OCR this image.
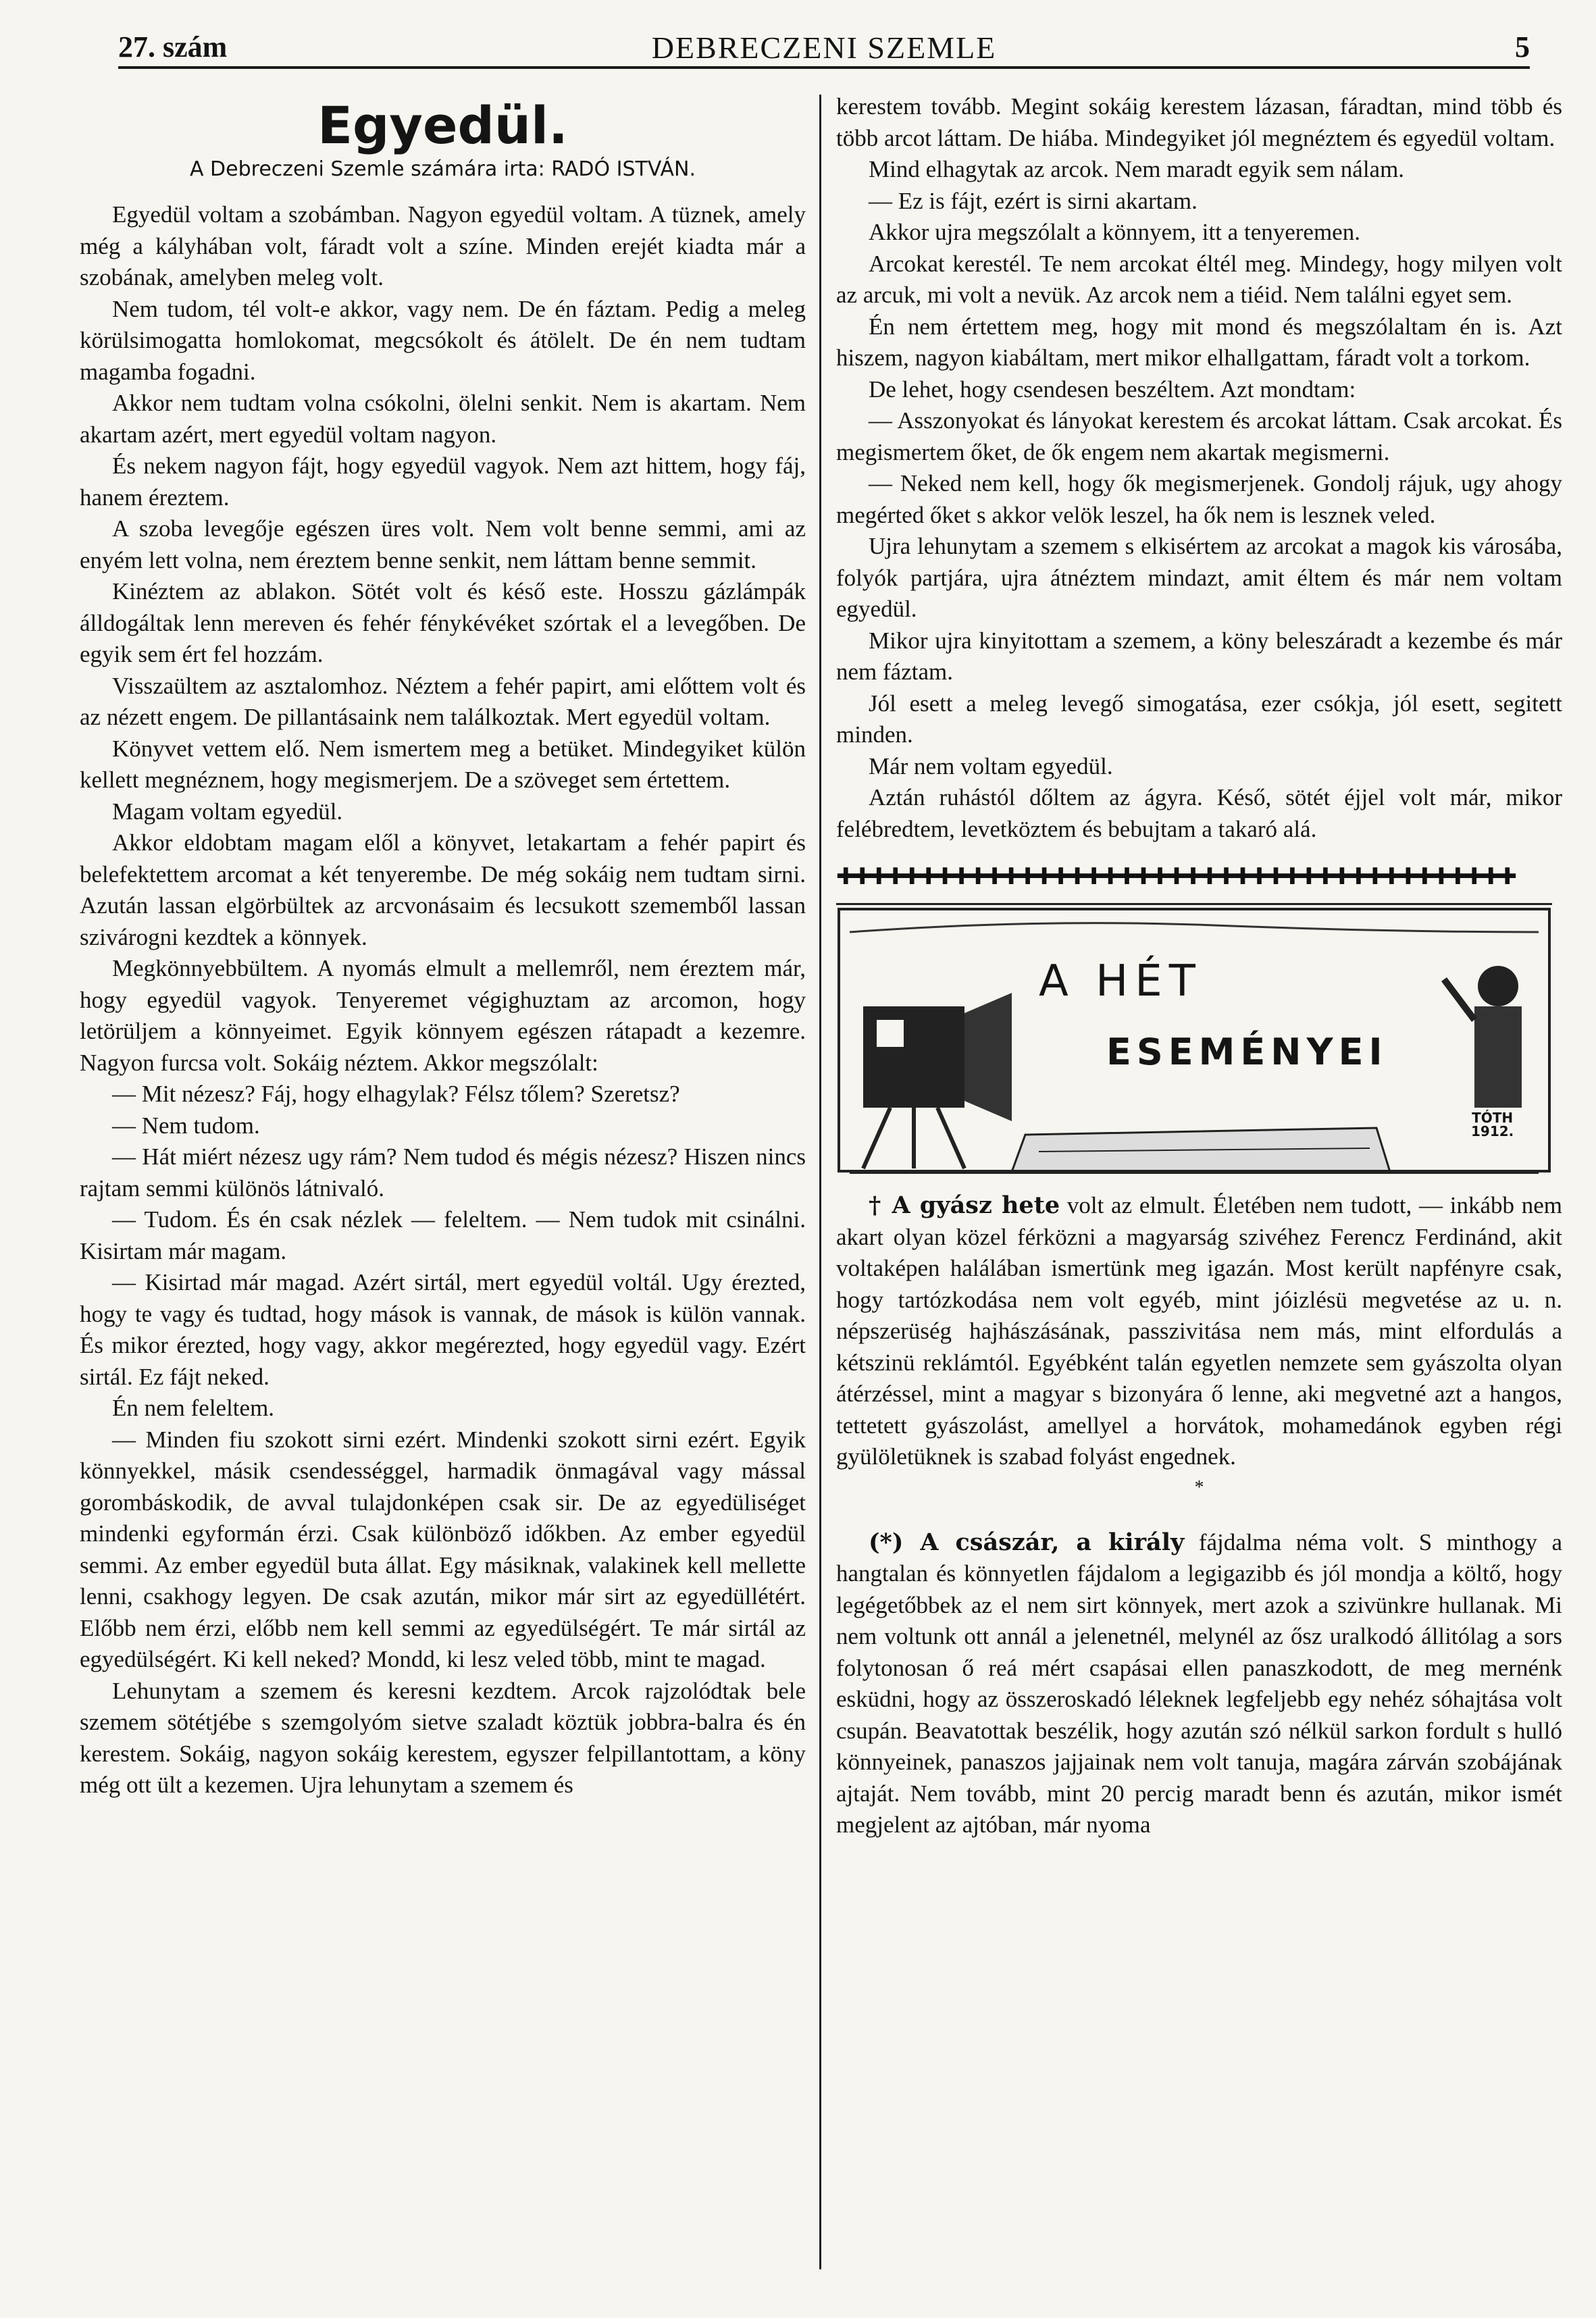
27. szám	DEBRECZENI SZEMLE	5
Egyedül.
A Debreczeni Szemle számára irta: RADÓ ISTVÁN.

Egyedül voltam a szobámban. Nagyon egyedül voltam. A tüznek, amely még a kályhában volt, fáradt volt a színe. Minden erejét kiadta már a szobának, amelyben meleg volt.

Nem tudom, tél volt-e akkor, vagy nem. De én fáztam. Pedig a meleg körülsimogatta homlokomat, megcsókolt és átölelt. De én nem tudtam magamba fogadni.

Akkor nem tudtam volna csókolni, ölelni senkit. Nem is akartam. Nem akartam azért, mert egyedül voltam nagyon.

És nekem nagyon fájt, hogy egyedül vagyok. Nem azt hittem, hogy fáj, hanem éreztem.

A szoba levegője egészen üres volt. Nem volt benne semmi, ami az enyém lett volna, nem éreztem benne senkit, nem láttam benne semmit.

Kinéztem az ablakon. Sötét volt és késő este. Hosszu gázlámpák álldogáltak lenn mereven és fehér fénykévéket szórtak el a levegőben. De egyik sem ért fel hozzám.

Visszaültem az asztalomhoz. Néztem a fehér papirt, ami előttem volt és az nézett engem. De pillantásaink nem találkoztak. Mert egyedül voltam.

Könyvet vettem elő. Nem ismertem meg a betüket. Mindegyiket külön kellett megnéznem, hogy megismerjem. De a szöveget sem értettem.

Magam voltam egyedül.

Akkor eldobtam magam elől a könyvet, letakartam a fehér papirt és belefektettem arcomat a két tenyerembe. De még sokáig nem tudtam sirni. Azután lassan elgörbültek az arcvonásaim és lecsukott szememből lassan szivárogni kezdtek a könnyek.

Megkönnyebbültem. A nyomás elmult a mellemről, nem éreztem már, hogy egyedül vagyok. Tenyeremet végighuztam az arcomon, hogy letörüljem a könnyeimet. Egyik könnyem egészen rátapadt a kezemre. Nagyon furcsa volt. Sokáig néztem. Akkor megszólalt:

— Mit nézesz? Fáj, hogy elhagylak? Félsz tőlem? Szeretsz?

— Nem tudom.

— Hát miért nézesz ugy rám? Nem tudod és mégis nézesz? Hiszen nincs rajtam semmi különös látnivaló.

— Tudom. És én csak nézlek — feleltem. — Nem tudok mit csinálni. Kisirtam már magam.

— Kisirtad már magad. Azért sirtál, mert egyedül voltál. Ugy érezted, hogy te vagy és tudtad, hogy mások is vannak, de mások is külön vannak. És mikor érezted, hogy vagy, akkor megérezted, hogy egyedül vagy. Ezért sirtál. Ez fájt neked.

Én nem feleltem.

— Minden fiu szokott sirni ezért. Mindenki szokott sirni ezért. Egyik könnyekkel, másik csendességgel, harmadik önmagával vagy mással gorombáskodik, de avval tulajdonképen csak sir. De az egyedüliséget mindenki egyformán érzi. Csak különböző időkben. Az ember egyedül semmi. Az ember egyedül buta állat. Egy másiknak, valakinek kell mellette lenni, csakhogy legyen. De csak azután, mikor már sirt az egyedüllétért. Előbb nem érzi, előbb nem kell semmi az egyedülségért. Te már sirtál az egyedülségért. Ki kell neked? Mondd, ki lesz veled több, mint te magad.

Lehunytam a szemem és keresni kezdtem. Arcok rajzolódtak bele szemem sötétjébe s szemgolyóm sietve szaladt köztük jobbra-balra és én kerestem. Sokáig, nagyon sokáig kerestem, egyszer felpillantottam, a köny még ott ült a kezemen. Ujra lehunytam a szemem és

kerestem tovább. Megint sokáig kerestem lázasan, fáradtan, mind több és több arcot láttam. De hiába. Mindegyiket jól megnéztem és egyedül voltam.

Mind elhagytak az arcok. Nem maradt egyik sem nálam.

— Ez is fájt, ezért is sirni akartam.

Akkor ujra megszólalt a könnyem, itt a tenyeremen.

Arcokat kerestél. Te nem arcokat éltél meg. Mindegy, hogy milyen volt az arcuk, mi volt a nevük. Az arcok nem a tiéid. Nem találni egyet sem.

Én nem értettem meg, hogy mit mond és megszólaltam én is. Azt hiszem, nagyon kiabáltam, mert mikor elhallgattam, fáradt volt a torkom.

De lehet, hogy csendesen beszéltem. Azt mondtam:

— Asszonyokat és lányokat kerestem és arcokat láttam. Csak arcokat. És megismertem őket, de ők engem nem akartak megismerni.

— Neked nem kell, hogy ők megismerjenek. Gondolj rájuk, ugy ahogy megérted őket s akkor velök leszel, ha ők nem is lesznek veled.

Ujra lehunytam a szemem s elkisértem az arcokat a magok kis városába, folyók partjára, ujra átnéztem mindazt, amit éltem és már nem voltam egyedül.

Mikor ujra kinyitottam a szemem, a köny beleszáradt a kezembe és már nem fáztam.

Jól esett a meleg levegő simogatása, ezer csókja, jól esett, segitett minden.

Már nem voltam egyedül.

Aztán ruhástól dőltem az ágyra. Késő, sötét éjjel volt már, mikor felébredtem, levetköztem és bebujtam a takaró alá.

✚✚✚✚✚✚✚✚✚✚✚✚✚✚✚✚✚✚✚✚✚✚✚✚✚✚✚✚✚✚✚✚✚✚✚✚✚✚✚✚✚
A HÉT
ESEMÉNYEI
TÓTH
1912.

† A gyász hete volt az elmult. Életében nem tudott, — inkább nem akart olyan közel férközni a magyarság szivéhez Ferencz Ferdinánd, akit voltaképen halálában ismertünk meg igazán. Most került napfényre csak, hogy tartózkodása nem volt egyéb, mint jóizlésü megvetése az u. n. népszerüség hajhászásának, passzivitása nem más, mint elfordulás a kétszinü reklámtól. Egyébként talán egyetlen nemzete sem gyászolta olyan átérzéssel, mint a magyar s bizonyára ő lenne, aki megvetné azt a hangos, tettetett gyászolást, amellyel a horvátok, mohamedánok egyben régi gyülöletüknek is szabad folyást engednek.

*

(*) A császár, a király fájdalma néma volt. S minthogy a hangtalan és könnyetlen fájdalom a legigazibb és jól mondja a költő, hogy legégetőbbek az el nem sirt könnyek, mert azok a szivünkre hullanak. Mi nem voltunk ott annál a jelenetnél, melynél az ősz uralkodó állitólag a sors folytonosan ő reá mért csapásai ellen panaszkodott, de meg mernénk esküdni, hogy az összeroskadó léleknek legfeljebb egy nehéz sóhajtása volt csupán. Beavatottak beszélik, hogy azután szó nélkül sarkon fordult s hulló könnyeinek, panaszos jajjainak nem volt tanuja, magára zárván szobájának ajtaját. Nem tovább, mint 20 percig maradt benn és azután, mikor ismét megjelent az ajtóban, már nyoma
